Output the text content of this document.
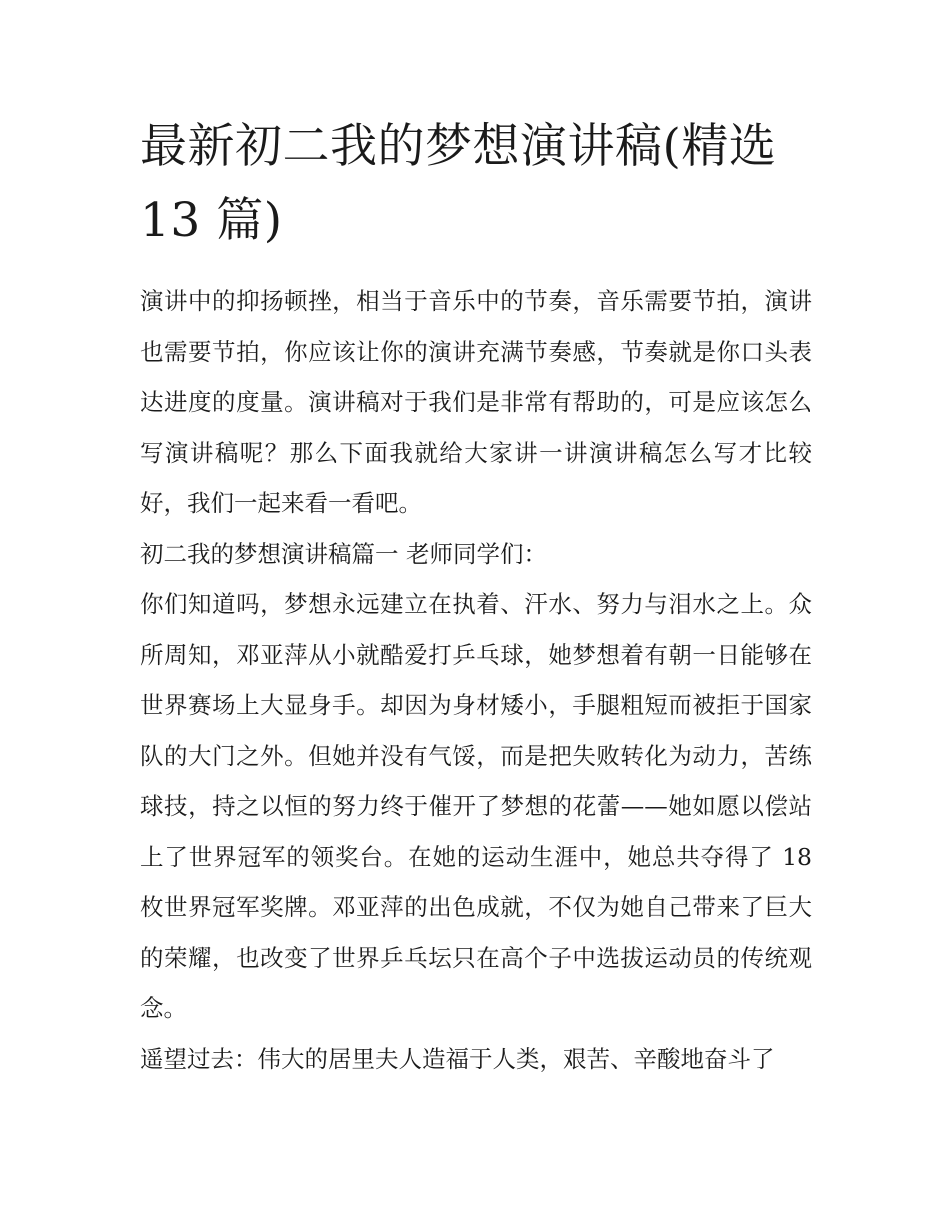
最新初二我的梦想演讲稿(精选 13 篇)

演讲中的抑扬顿挫，相当于音乐中的节奏，音乐需要节拍，演讲也需要节拍，你应该让你的演讲充满节奏感，节奏就是你口头表达进度的度量。演讲稿对于我们是非常有帮助的，可是应该怎么写演讲稿呢？那么下面我就给大家讲一讲演讲稿怎么写才比较好，我们一起来看一看吧。

初二我的梦想演讲稿篇一 老师同学们：

你们知道吗，梦想永远建立在执着、汗水、努力与泪水之上。众所周知，邓亚萍从小就酷爱打乒乓球，她梦想着有朝一日能够在世界赛场上大显身手。却因为身材矮小，手腿粗短而被拒于国家队的大门之外。但她并没有气馁，而是把失败转化为动力，苦练球技，持之以恒的努力终于催开了梦想的花蕾——她如愿以偿站上了世界冠军的领奖台。在她的运动生涯中，她总共夺得了 18 枚世界冠军奖牌。邓亚萍的出色成就，不仅为她自己带来了巨大的荣耀，也改变了世界乒乓坛只在高个子中选拔运动员的传统观念。

遥望过去：伟大的居里夫人造福于人类，艰苦、辛酸地奋斗了
